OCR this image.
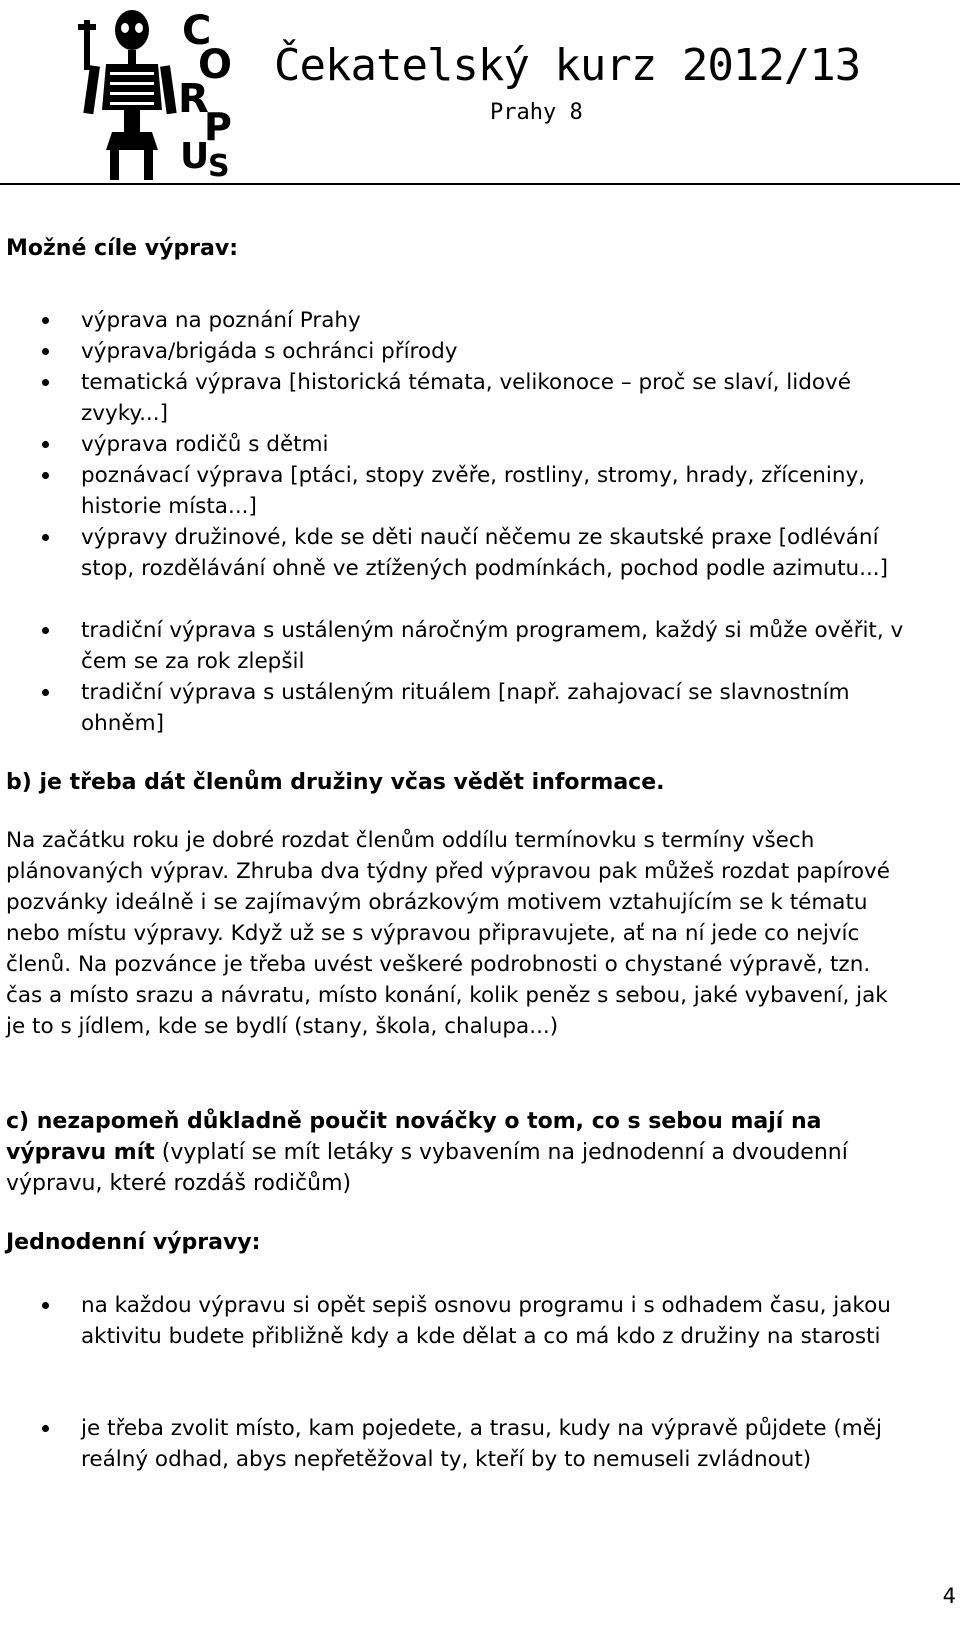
C
O
R
P
U
S
Čekatelský kurz 2012/13
Prahy 8
Možné cíle výprav:
výprava na poznání Prahy
výprava/brigáda s ochránci přírody
tematická výprava [historická témata, velikonoce – proč se slaví, lidové zvyky...]
výprava rodičů s dětmi
poznávací výprava [ptáci, stopy zvěře, rostliny, stromy, hrady, zříceniny, historie místa...]
výpravy družinové, kde se děti naučí něčemu ze skautské praxe [odlévání stop, rozdělávání ohně ve ztížených podmínkách, pochod podle azimutu...]
tradiční výprava s ustáleným náročným programem, každý si může ověřit, v čem se za rok zlepšil
tradiční výprava s ustáleným rituálem [např. zahajovací se slavnostním ohněm]
b) je třeba dát členům družiny včas vědět informace.
Na začátku roku je dobré rozdat členům oddílu termínovku s termíny všech plánovaných výprav. Zhruba dva týdny před výpravou pak můžeš rozdat papírové pozvánky ideálně i se zajímavým obrázkovým motivem vztahujícím se k tématu nebo místu výpravy. Když už se s výpravou připravujete, ať na ní jede co nejvíc členů. Na pozvánce je třeba uvést veškeré podrobnosti o chystané výpravě, tzn. čas a místo srazu a návratu, místo konání, kolik peněz s sebou, jaké vybavení, jak je to s jídlem, kde se bydlí (stany, škola, chalupa...)
c) nezapomeň důkladně poučit nováčky o tom, co s sebou mají na výpravu mít (vyplatí se mít letáky s vybavením na jednodenní a dvoudenní výpravu, které rozdáš rodičům)
Jednodenní výpravy:
na každou výpravu si opět sepiš osnovu programu i s odhadem času, jakou aktivitu budete přibližně kdy a kde dělat a co má kdo z družiny na starosti
je třeba zvolit místo, kam pojedete, a trasu, kudy na výpravě půjdete (měj reálný odhad, abys nepřetěžoval ty, kteří by to nemuseli zvládnout)
4
